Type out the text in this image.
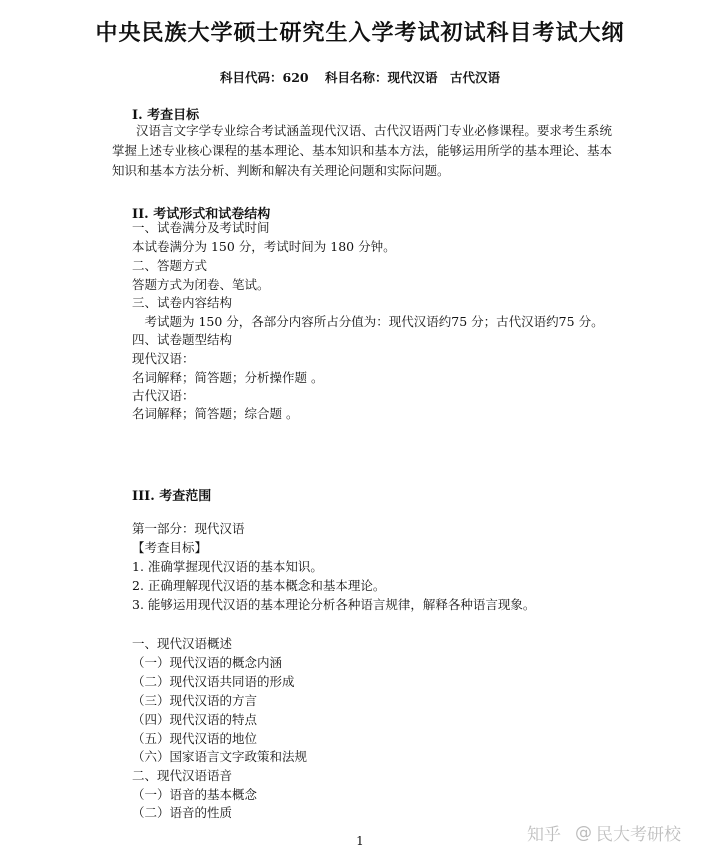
中央民族大学硕士研究生入学考试初试科目考试大纲
科目代码：620 科目名称：现代汉语　古代汉语
I. 考查目标
汉语言文字学专业综合考试涵盖现代汉语、古代汉语两门专业必修课程。要求考生系统掌握上述专业核心课程的基本理论、基本知识和基本方法，能够运用所学的基本理论、基本知识和基本方法分析、判断和解决有关理论问题和实际问题。
II. 考试形式和试卷结构
一、试卷满分及考试时间
本试卷满分为 150 分，考试时间为 180 分钟。
二、答题方式
答题方式为闭卷、笔试。
三、试卷内容结构
　考试题为 150 分，各部分内容所占分值为：现代汉语约75 分；古代汉语约75 分。
四、试卷题型结构
现代汉语：
名词解释；简答题；分析操作题 。
古代汉语：
名词解释；简答题；综合题 。
III. 考查范围
第一部分：现代汉语
【考查目标】
1. 准确掌握现代汉语的基本知识。
2. 正确理解现代汉语的基本概念和基本理论。
3. 能够运用现代汉语的基本理论分析各种语言规律，解释各种语言现象。
一、现代汉语概述
（一）现代汉语的概念内涵
（二）现代汉语共同语的形成
（三）现代汉语的方言
（四）现代汉语的特点
（五）现代汉语的地位
（六）国家语言文字政策和法规
二、现代汉语语音
（一）语音的基本概念
（二）语音的性质
1	知乎 @ 民大考研校
